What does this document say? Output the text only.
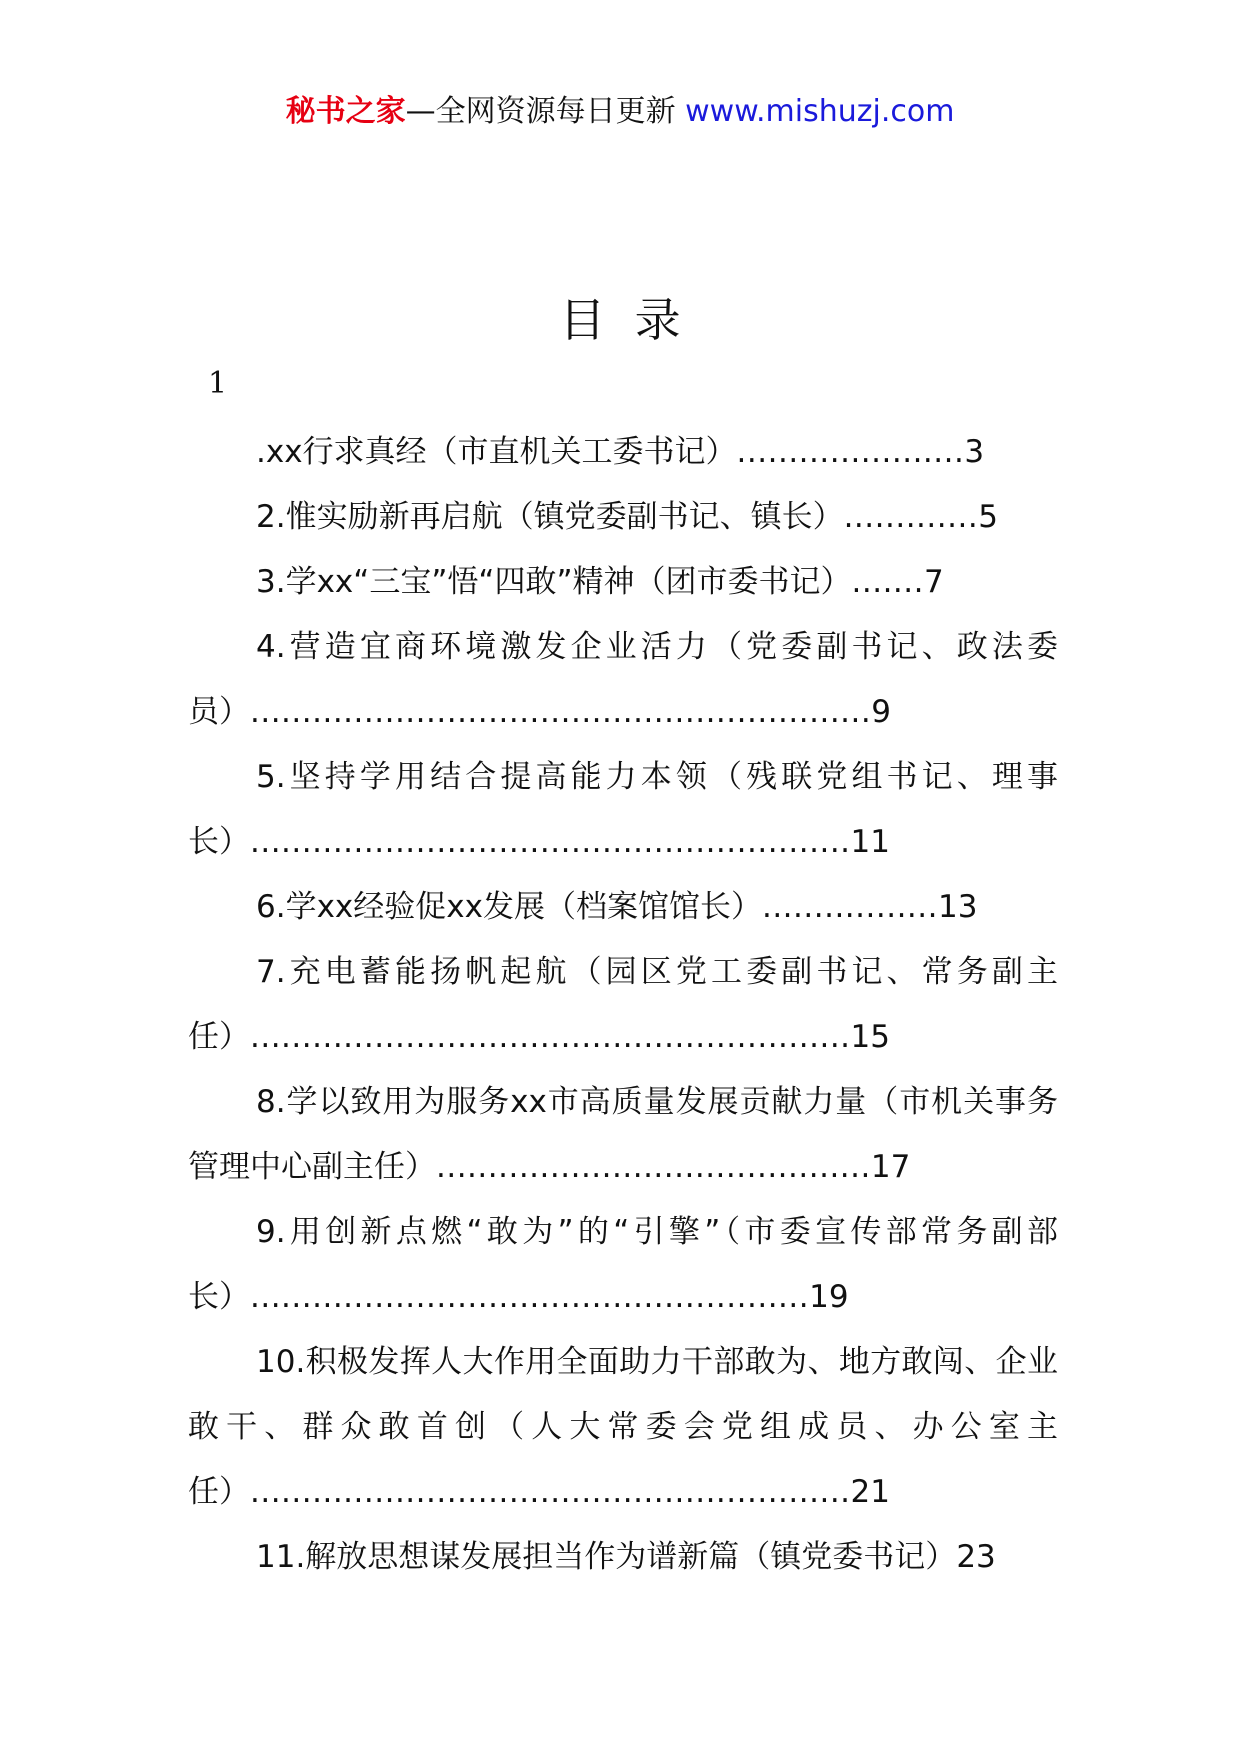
秘书之家—全网资源每日更新 www.mishuzj.com
目  录
1
.xx行求真经（市直机关工委书记）......................3
2.惟实励新再启航（镇党委副书记、镇长）.............5
3.学xx“三宝”悟“四敢”精神（团市委书记）.......7
4.营造宜商环境激发企业活力（党委副书记、政法委员）............................................................9
5.坚持学用结合提高能力本领（残联党组书记、理事长）..........................................................11
6.学xx经验促xx发展（档案馆馆长）.................13
7.充电蓄能扬帆起航（园区党工委副书记、常务副主任）..........................................................15
8.学以致用为服务xx市高质量发展贡献力量（市机关事务管理中心副主任）..........................................17
9.用创新点燃“敢为”的“引擎”（市委宣传部常务副部长）......................................................19
10.积极发挥人大作用全面助力干部敢为、地方敢闯、企业敢干、群众敢首创（人大常委会党组成员、办公室主任）..........................................................21
11.解放思想谋发展担当作为谱新篇（镇党委书记）23
